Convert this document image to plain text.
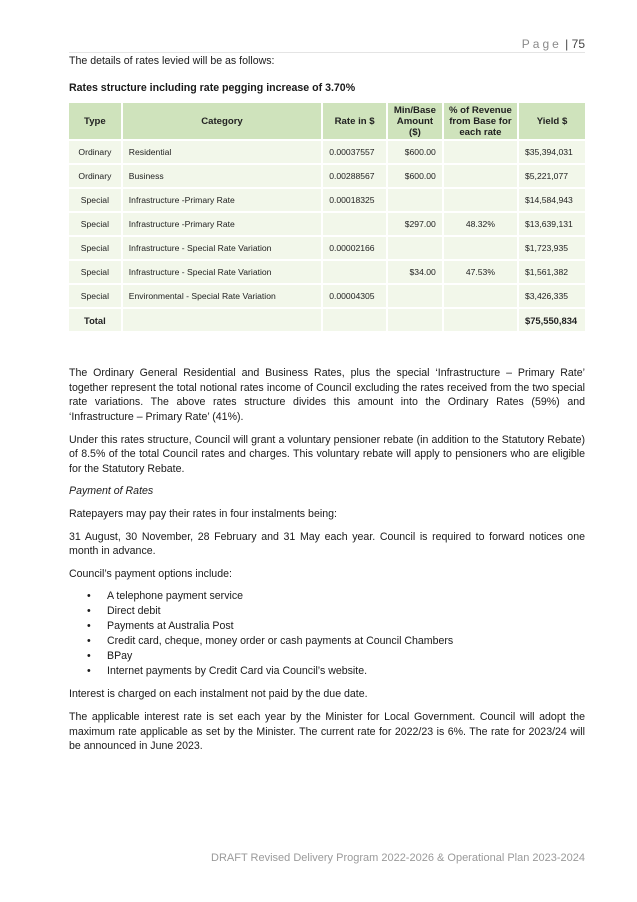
Page | 75

The details of rates levied will be as follows:

Rates structure including rate pegging increase of 3.70%

Type	Category	Rate in $	Min/Base Amount ($)	% of Revenue from Base for each rate	Yield $
Ordinary	Residential	0.00037557	$600.00		$35,394,031
Ordinary	Business	0.00288567	$600.00		$5,221,077
Special	Infrastructure -Primary Rate	0.00018325			$14,584,943
Special	Infrastructure -Primary Rate		$297.00	48.32%	$13,639,131
Special	Infrastructure - Special Rate Variation	0.00002166			$1,723,935
Special	Infrastructure - Special Rate Variation		$34.00	47.53%	$1,561,382
Special	Environmental - Special Rate Variation	0.00004305			$3,426,335
Total					$75,550,834

The Ordinary General Residential and Business Rates, plus the special ‘Infrastructure – Primary Rate’ together represent the total notional rates income of Council excluding the rates received from the two special rate variations. The above rates structure divides this amount into the Ordinary Rates (59%) and ‘Infrastructure – Primary Rate’ (41%).

Under this rates structure, Council will grant a voluntary pensioner rebate (in addition to the Statutory Rebate) of 8.5% of the total Council rates and charges. This voluntary rebate will apply to pensioners who are eligible for the Statutory Rebate.

Payment of Rates

Ratepayers may pay their rates in four instalments being:

31 August, 30 November, 28 February and 31 May each year. Council is required to forward notices one month in advance.

Council’s payment options include:

• A telephone payment service
• Direct debit
• Payments at Australia Post
• Credit card, cheque, money order or cash payments at Council Chambers
• BPay
• Internet payments by Credit Card via Council’s website.

Interest is charged on each instalment not paid by the due date.

The applicable interest rate is set each year by the Minister for Local Government. Council will adopt the maximum rate applicable as set by the Minister. The current rate for 2022/23 is 6%. The rate for 2023/24 will be announced in June 2023.

DRAFT Revised Delivery Program 2022-2026 & Operational Plan 2023-2024
